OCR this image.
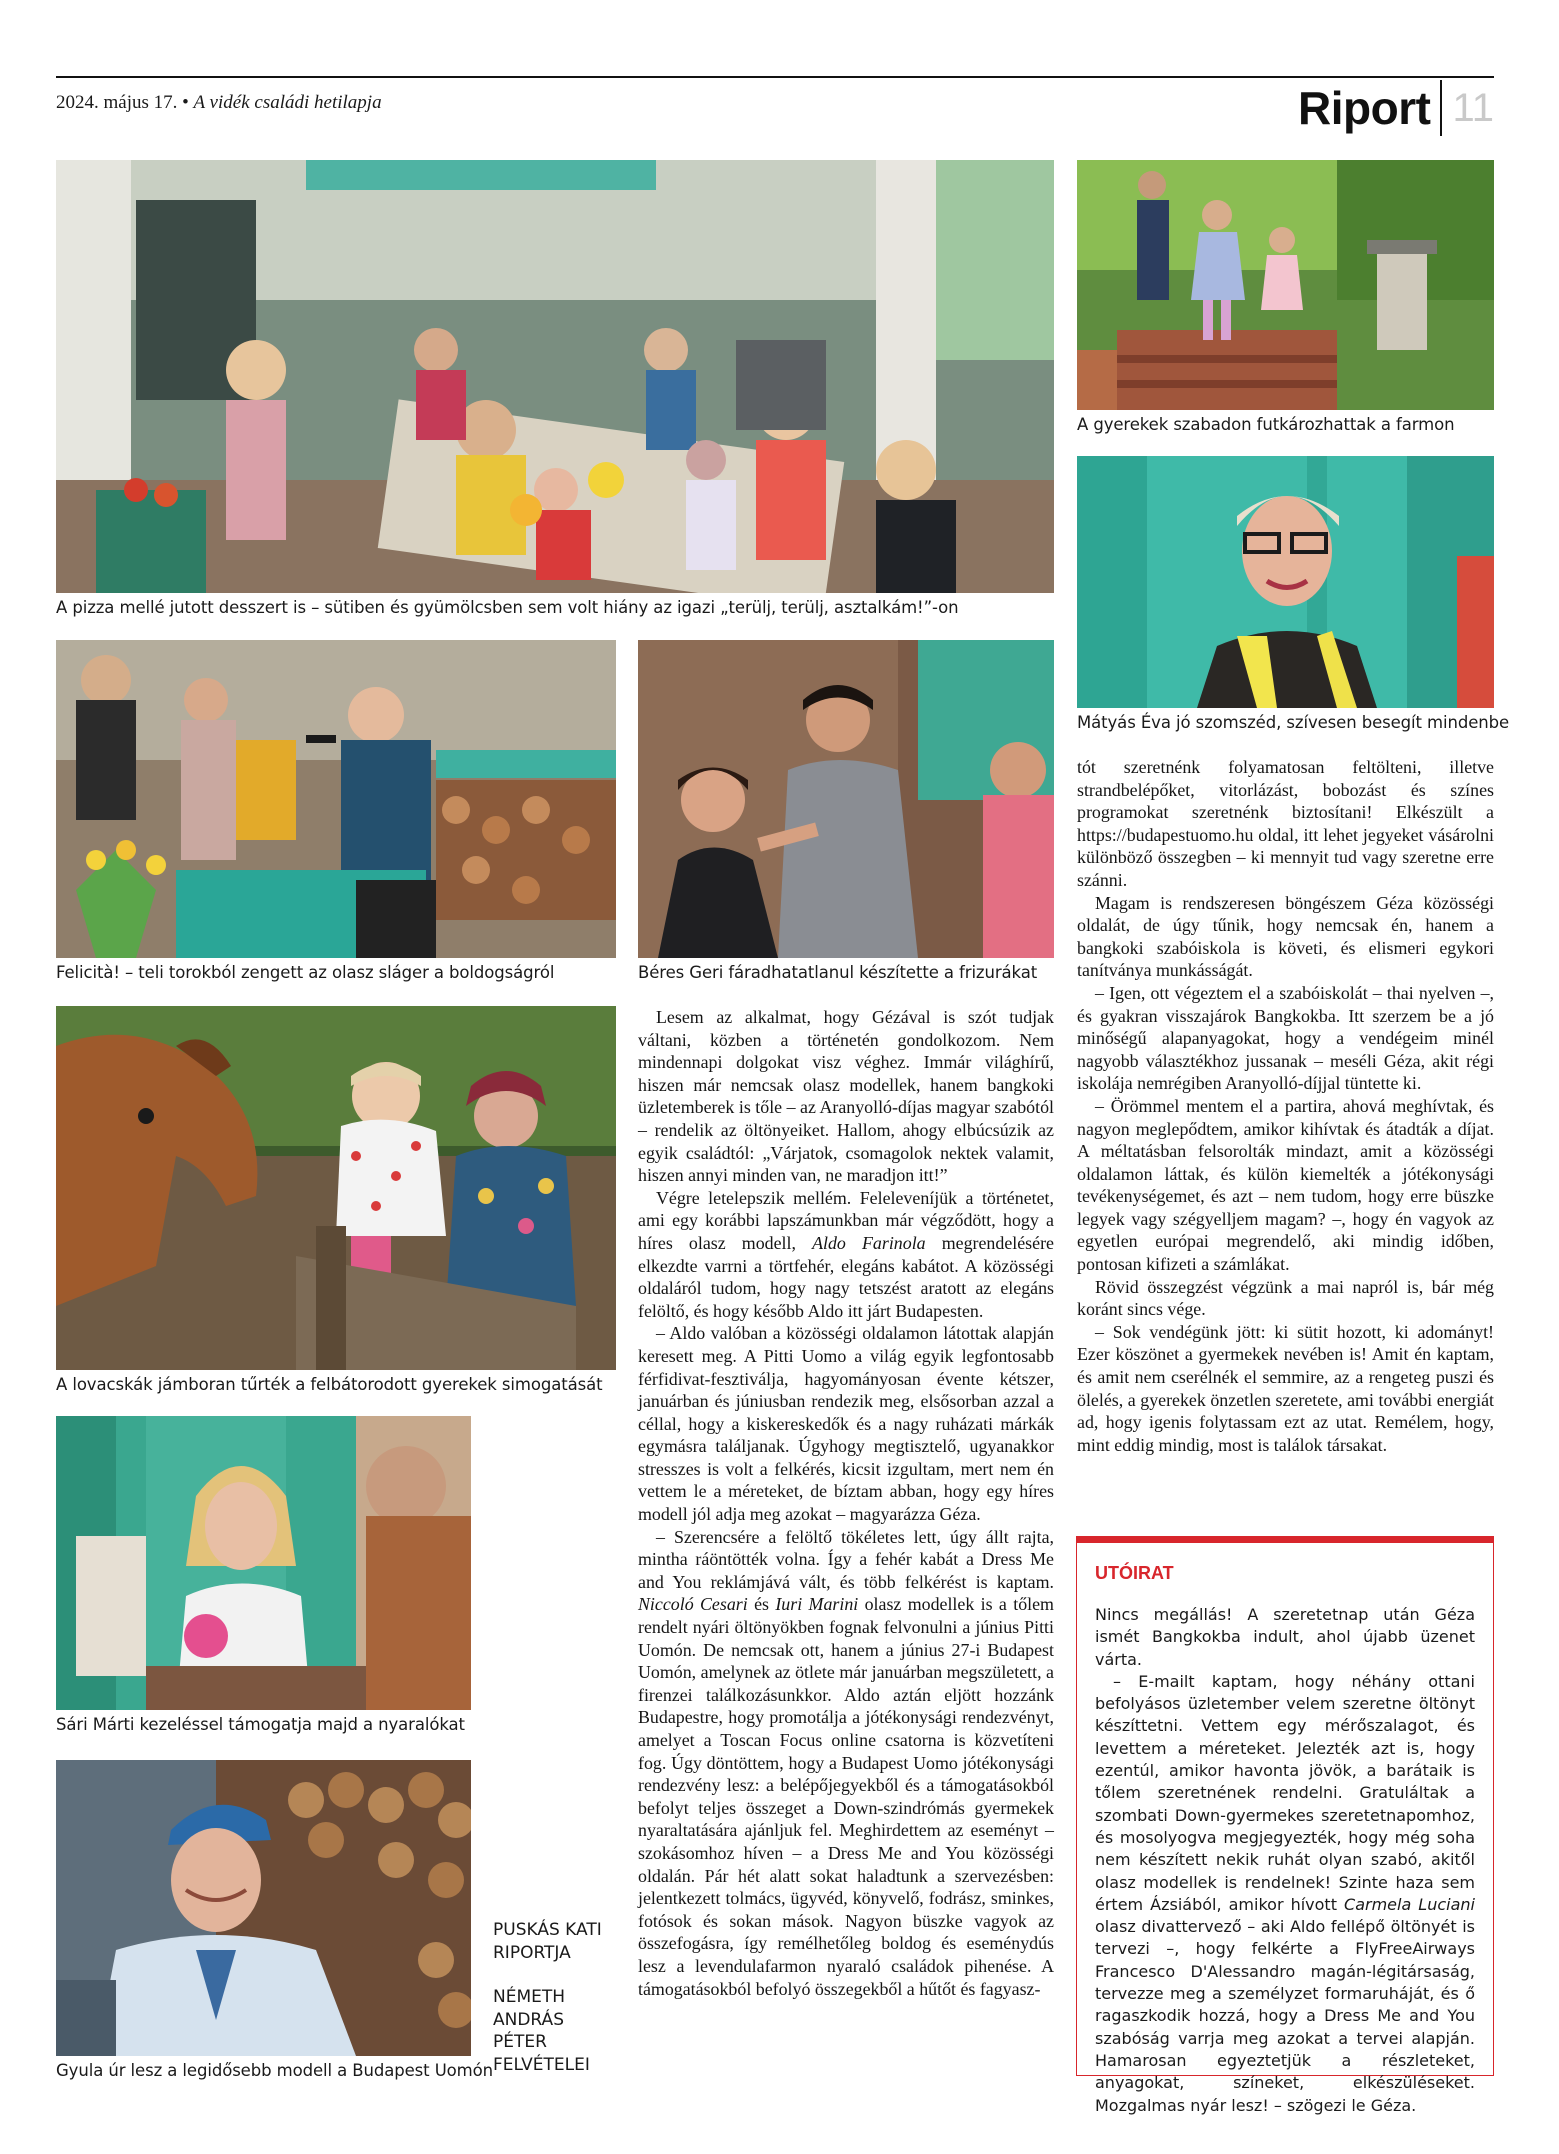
2024. május 17. • A vidék családi hetilapja	Riport 11
A pizza mellé jutott desszert is – sütiben és gyümölcsben sem volt hiány az igazi „terülj, terülj, asztalkám!”-on
A gyerekek szabadon futkározhattak a farmon
Mátyás Éva jó szomszéd, szívesen besegít mindenbe
Felicità! – teli torokból zengett az olasz sláger a boldogságról	Béres Geri fáradhatatlanul készítette a frizurákat
A lovacskák jámboran tűrték a felbátorodott gyerekek simogatását
Sári Márti kezeléssel támogatja majd a nyaralókat
Gyula úr lesz a legidősebb modell a Budapest Uomón
PUSKÁS KATI
RIPORTJA
NÉMETH
ANDRÁS
PÉTER
FELVÉTELEI

Lesem az alkalmat, hogy Gézával is szót tudjak váltani, közben a történetén gondolkozom. Nem mindennapi dolgokat visz véghez. Immár világhírű, hiszen már nemcsak olasz modellek, hanem bangkoki üzletemberek is tőle – az Aranyolló-díjas magyar szabótól – rendelik az öltönyeiket. Hallom, ahogy elbúcsúzik az egyik családtól: „Várjatok, csomagolok nektek valamit, hiszen annyi minden van, ne maradjon itt!”

Végre letelepszik mellém. Feleleveníjük a történetet, ami egy korábbi lapszámunkban már végződött, hogy a híres olasz modell, Aldo Farinola megrendelésére elkezdte varrni a törtfehér, elegáns kabátot. A közösségi oldaláról tudom, hogy nagy tetszést aratott az elegáns felöltő, és hogy később Aldo itt járt Budapesten.

– Aldo valóban a közösségi oldalamon látottak alapján keresett meg. A Pitti Uomo a világ egyik legfontosabb férfidivat-fesztiválja, hagyományosan évente kétszer, januárban és júniusban rendezik meg, elsősorban azzal a céllal, hogy a kiskereskedők és a nagy ruházati márkák egymásra találjanak. Úgyhogy megtisztelő, ugyanakkor stresszes is volt a felkérés, kicsit izgultam, mert nem én vettem le a méreteket, de bíztam abban, hogy egy híres modell jól adja meg azokat – magyarázza Géza.

– Szerencsére a felöltő tökéletes lett, úgy állt rajta, mintha ráöntötték volna. Így a fehér kabát a Dress Me and You reklámjává vált, és több felkérést is kaptam. Niccoló Cesari és Iuri Marini olasz modellek is a tőlem rendelt nyári öltönyökben fognak felvonulni a június Pitti Uomón. De nemcsak ott, hanem a június 27-i Budapest Uomón, amelynek az ötlete már januárban megszületett, a firenzei találkozásunkkor. Aldo aztán eljött hozzánk Budapestre, hogy promotálja a jótékonysági rendezvényt, amelyet a Toscan Focus online csatorna is közvetíteni fog. Úgy döntöttem, hogy a Budapest Uomo jótékonysági rendezvény lesz: a belépőjegyekből és a támogatásokból befolyt teljes összeget a Down-szindrómás gyermekek nyaraltatására ajánljuk fel. Meghirdettem az eseményt – szokásomhoz híven – a Dress Me and You közösségi oldalán. Pár hét alatt sokat haladtunk a szervezésben: jelentkezett tolmács, ügyvéd, könyvelő, fodrász, sminkes, fotósok és sokan mások. Nagyon büszke vagyok az összefogásra, így remélhetőleg boldog és eseménydús lesz a levendulafarmon nyaraló családok pihenése. A támogatásokból befolyó összegekből a hűtőt és fagyasz-

tót szeretnénk folyamatosan feltölteni, illetve strandbelépőket, vitorlázást, bobozást és színes programokat szeretnénk biztosítani! Elkészült a https://budapestuomo.hu oldal, itt lehet jegyeket vásárolni különböző összegben – ki mennyit tud vagy szeretne erre szánni.

Magam is rendszeresen böngészem Géza közösségi oldalát, de úgy tűnik, hogy nemcsak én, hanem a bangkoki szabóiskola is követi, és elismeri egykori tanítványa munkásságát.

– Igen, ott végeztem el a szabóiskolát – thai nyelven –, és gyakran visszajárok Bangkokba. Itt szerzem be a jó minőségű alapanyagokat, hogy a vendégeim minél nagyobb választékhoz jussanak – meséli Géza, akit régi iskolája nemrégiben Aranyolló-díjjal tüntette ki.

– Örömmel mentem el a partira, ahová meghívtak, és nagyon meglepődtem, amikor kihívtak és átadták a díjat. A méltatásban felsorolták mindazt, amit a közösségi oldalamon láttak, és külön kiemelték a jótékonysági tevékenységemet, és azt – nem tudom, hogy erre büszke legyek vagy szégyelljem magam? –, hogy én vagyok az egyetlen európai megrendelő, aki mindig időben, pontosan kifizeti a számlákat.

Rövid összegzést végzünk a mai napról is, bár még koránt sincs vége.

– Sok vendégünk jött: ki sütit hozott, ki adományt! Ezer köszönet a gyermekek nevében is! Amit én kaptam, és amit nem cserélnék el semmire, az a rengeteg puszi és ölelés, a gyerekek önzetlen szeretete, ami további energiát ad, hogy igenis folytassam ezt az utat. Remélem, hogy, mint eddig mindig, most is találok társakat.

UTÓIRAT

Nincs megállás! A szeretetnap után Géza ismét Bangkokba indult, ahol újabb üzenet várta.

– E-mailt kaptam, hogy néhány ottani befolyásos üzletember velem szeretne öltönyt készíttetni. Vettem egy mérőszalagot, és levettem a méreteket. Jelezték azt is, hogy ezentúl, amikor havonta jövök, a barátaik is tőlem szeretnének rendelni. Gratuláltak a szombati Down-gyermekes szeretetnapomhoz, és mosolyogva megjegyezték, hogy még soha nem készített nekik ruhát olyan szabó, akitől olasz modellek is rendelnek! Szinte haza sem értem Ázsiából, amikor hívott Carmela Luciani olasz divattervező – aki Aldo fellépő öltönyét is tervezi –, hogy felkérte a FlyFreeAirways Francesco D'Alessandro magán-légitársaság, tervezze meg a személyzet formaruháját, és ő ragaszkodik hozzá, hogy a Dress Me and You szabóság varrja meg azokat a tervei alapján. Hamarosan egyeztetjük a részleteket, anyagokat, színeket, elkészüléseket. Mozgalmas nyár lesz! – szögezi le Géza.
